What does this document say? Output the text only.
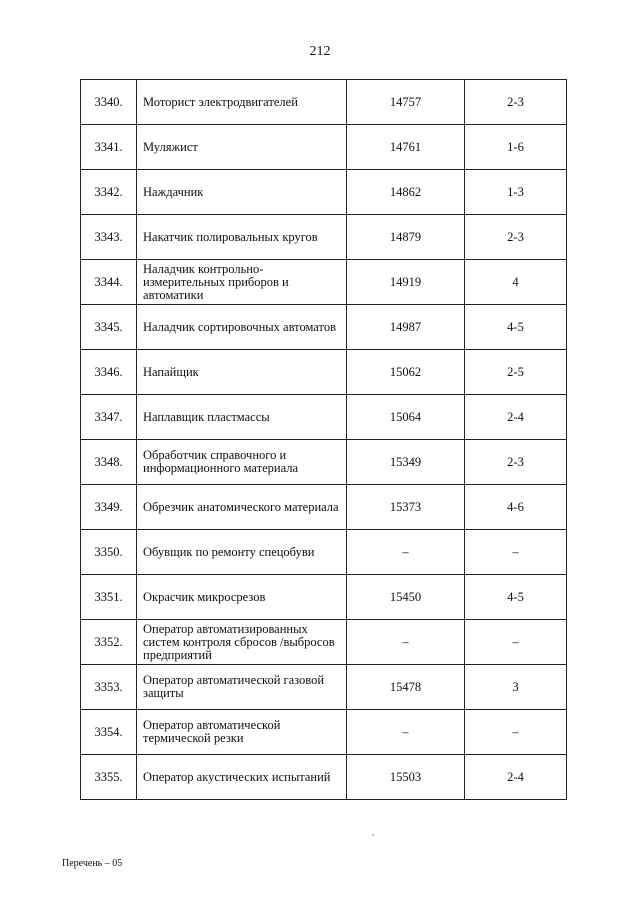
212
3340.	Моторист электродвигателей	14757	2-3
3341.	Муляжист	14761	1-6
3342.	Наждачник	14862	1-3
3343.	Накатчик полировальных кругов	14879	2-3
3344.	Наладчик контрольно-измерительных приборов и автоматики	14919	4
3345.	Наладчик сортировочных автоматов	14987	4-5
3346.	Напайщик	15062	2-5
3347.	Наплавщик пластмассы	15064	2-4
3348.	Обработчик справочного и информационного материала	15349	2-3
3349.	Обрезчик анатомического материала	15373	4-6
3350.	Обувщик по ремонту спецобуви	–	–
3351.	Окрасчик микросрезов	15450	4-5
3352.	Оператор автоматизированных систем контроля сбросов /выбросов предприятий	–	–
3353.	Оператор автоматической газовой защиты	15478	3
3354.	Оператор автоматической термической резки	–	–
3355.	Оператор акустических испытаний	15503	2-4
Перечень – 05
